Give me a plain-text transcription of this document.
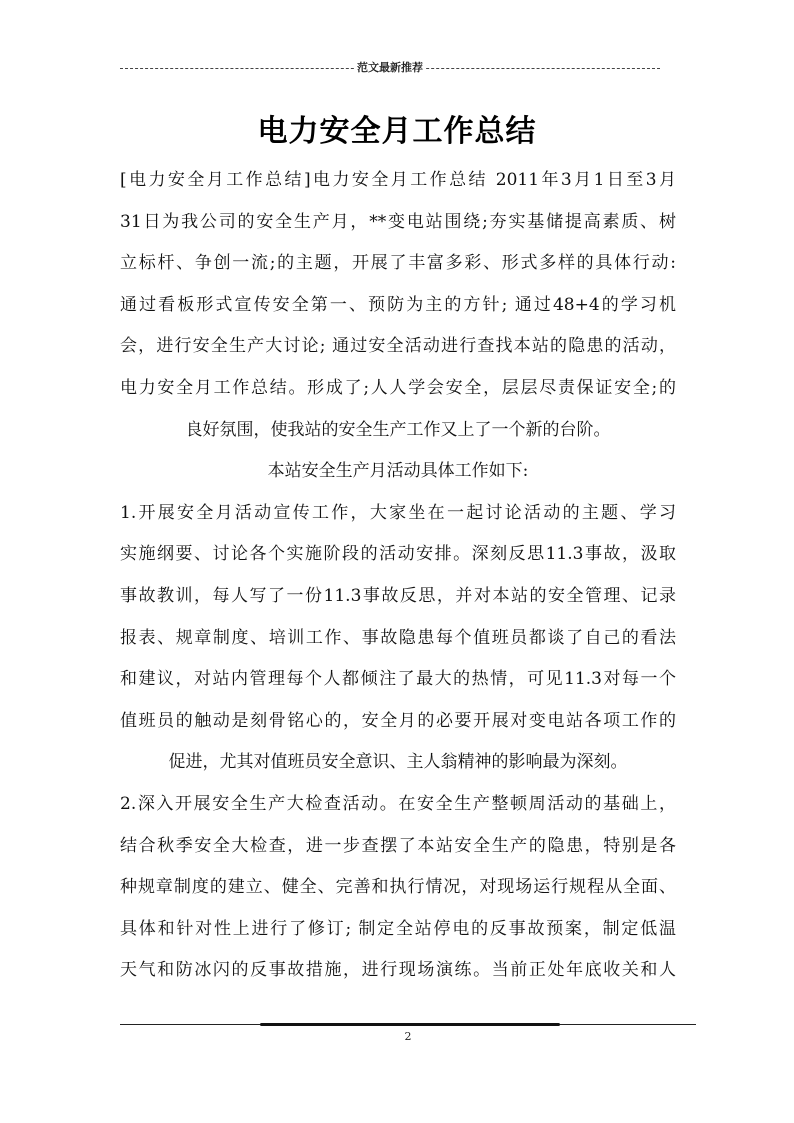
范文最新推荐
电力安全月工作总结
[电力安全月工作总结]电力安全月工作总结 2011年3月1日至3月
31日为我公司的安全生产月，**变电站围绕;夯实基储提高素质、树
立标杆、争创一流;的主题，开展了丰富多彩、形式多样的具体行动:
通过看板形式宣传安全第一、预防为主的方针; 通过48+4的学习机
会，进行安全生产大讨论; 通过安全活动进行查找本站的隐患的活动，
电力安全月工作总结。形成了;人人学会安全，层层尽责保证安全;的
良好氛围，使我站的安全生产工作又上了一个新的台阶。
本站安全生产月活动具体工作如下:
1.开展安全月活动宣传工作，大家坐在一起讨论活动的主题、学习
实施纲要、讨论各个实施阶段的活动安排。深刻反思11.3事故，汲取
事故教训，每人写了一份11.3事故反思，并对本站的安全管理、记录
报表、规章制度、培训工作、事故隐患每个值班员都谈了自己的看法
和建议，对站内管理每个人都倾注了最大的热情，可见11.3对每一个
值班员的触动是刻骨铭心的，安全月的必要开展对变电站各项工作的
促进，尤其对值班员安全意识、主人翁精神的影响最为深刻。
2.深入开展安全生产大检查活动。在安全生产整顿周活动的基础上，
结合秋季安全大检查，进一步查摆了本站安全生产的隐患，特别是各
种规章制度的建立、健全、完善和执行情况，对现场运行规程从全面、
具体和针对性上进行了修订; 制定全站停电的反事故预案，制定低温
天气和防冰闪的反事故措施，进行现场演练。当前正处年底收关和人
2
